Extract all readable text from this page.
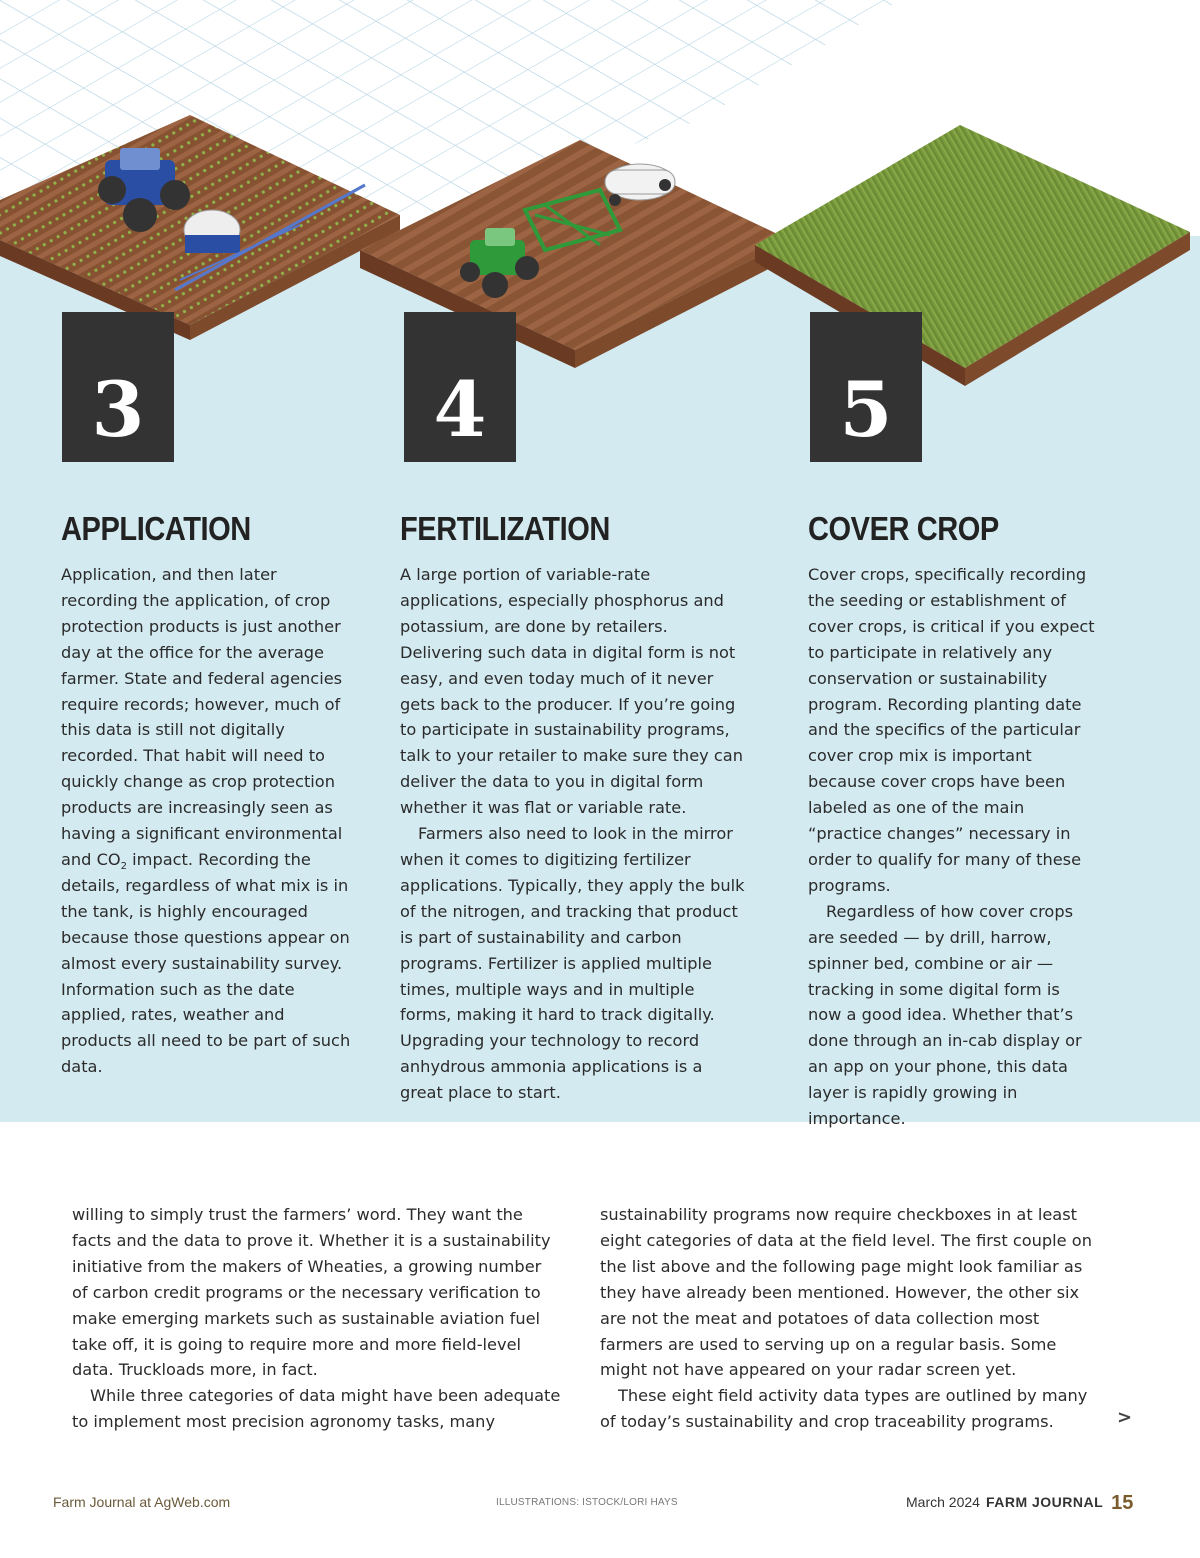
3	4	5
APPLICATION

Application, and then later recording the application, of crop protection products is just another day at the office for the average farmer. State and federal agencies require records; however, much of this data is still not digitally recorded. That habit will need to quickly change as crop protection products are increasingly seen as having a significant environmental and $CO_2$ impact. Recording the details, regardless of what mix is in the tank, is highly encouraged because those questions appear on almost every sustainability survey. Information such as the date applied, rates, weather and products all need to be part of such data.

FERTILIZATION

A large portion of variable-rate applications, especially phosphorus and potassium, are done by retailers. Delivering such data in digital form is not easy, and even today much of it never gets back to the producer. If you’re going to participate in sustainability programs, talk to your retailer to make sure they can deliver the data to you in digital form whether it was flat or variable rate.

Farmers also need to look in the mirror when it comes to digitizing fertilizer applications. Typically, they apply the bulk of the nitrogen, and tracking that product is part of sustainability and carbon programs. Fertilizer is applied multiple times, multiple ways and in multiple forms, making it hard to track digitally. Upgrading your technology to record anhydrous ammonia applications is a great place to start.

COVER CROP

Cover crops, specifically recording the seeding or establishment of cover crops, is critical if you expect to participate in relatively any conservation or sustainability program. Recording planting date and the specifics of the particular cover crop mix is important because cover crops have been labeled as one of the main “practice changes” necessary in order to qualify for many of these programs.

Regardless of how cover crops are seeded — by drill, harrow, spinner bed, combine or air — tracking in some digital form is now a good idea. Whether that’s done through an in-cab display or an app on your phone, this data layer is rapidly growing in importance.

willing to simply trust the farmers’ word. They want the facts and the data to prove it. Whether it is a sustainability initiative from the makers of Wheaties, a growing number of carbon credit programs or the necessary verification to make emerging markets such as sustainable aviation fuel take off, it is going to require more and more field-level data. Truckloads more, in fact.

While three categories of data might have been adequate to implement most precision agronomy tasks, many

sustainability programs now require checkboxes in at least eight categories of data at the field level. The first couple on the list above and the following page might look familiar as they have already been mentioned. However, the other six are not the meat and potatoes of data collection most farmers are used to serving up on a regular basis. Some might not have appeared on your radar screen yet.

These eight field activity data types are outlined by many of today’s sustainability and crop traceability programs.	>
Farm Journal at AgWeb.com	ILLUSTRATIONS: ISTOCK/LORI HAYS	March 2024 FARM JOURNAL 15
